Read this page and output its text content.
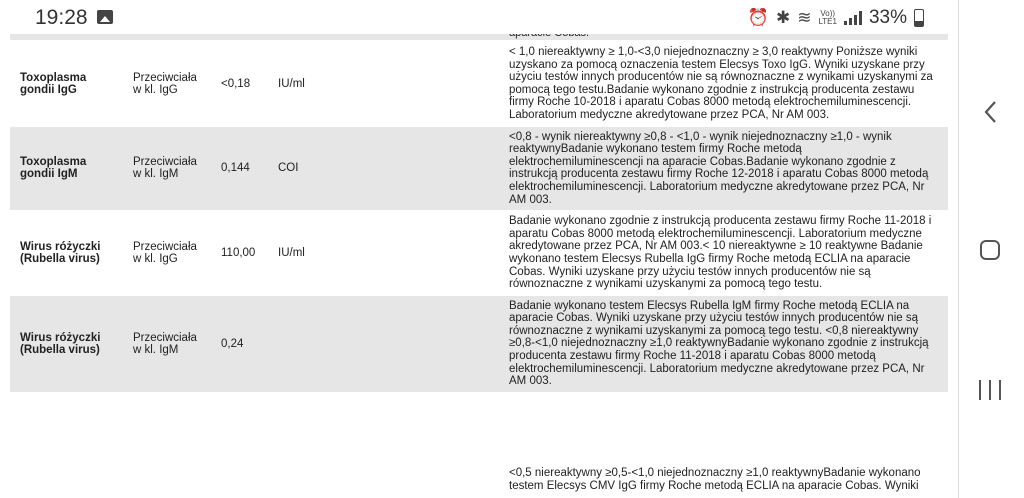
19:28	⏰ ✱ ≋ Vo))
LTE1 33%
Toxoplasma gondii IgG	Przeciwciała w kl. IgG	<0,18	IU/ml	< 1,0 niereaktywny ≥ 1,0-<3,0 niejednoznaczny ≥ 3,0 reaktywny Poniższe wyniki uzyskano za pomocą oznaczenia testem Elecsys Toxo IgG. Wyniki uzyskane przy użyciu testów innych producentów nie są równoznaczne z wynikami uzyskanymi za pomocą tego testu.Badanie wykonano zgodnie z instrukcją producenta zestawu firmy Roche 10-2018 i aparatu Cobas 8000 metodą elektrochemiluminescencji. Laboratorium medyczne akredytowane przez PCA, Nr AM 003.
Toxoplasma gondii IgM	Przeciwciała w kl. IgM	0,144	COI	<0,8 - wynik niereaktywny ≥0,8 - <1,0 - wynik niejednoznaczny ≥1,0 - wynik reaktywnyBadanie wykonano testem firmy Roche metodą elektrochemiluminescencji na aparacie Cobas.Badanie wykonano zgodnie z instrukcją producenta zestawu firmy Roche 12-2018 i aparatu Cobas 8000 metodą elektrochemiluminescencji. Laboratorium medyczne akredytowane przez PCA, Nr AM 003.
Wirus różyczki (Rubella virus)	Przeciwciała w kl. IgG	110,00	IU/ml	Badanie wykonano zgodnie z instrukcją producenta zestawu firmy Roche 11-2018 i aparatu Cobas 8000 metodą elektrochemiluminescencji. Laboratorium medyczne akredytowane przez PCA, Nr AM 003.< 10 niereaktywne ≥ 10 reaktywne Badanie wykonano testem Elecsys Rubella IgG firmy Roche metodą ECLIA na aparacie Cobas. Wyniki uzyskane przy użyciu testów innych producentów nie są równoznaczne z wynikami uzyskanymi za pomocą tego testu.
Wirus różyczki (Rubella virus)	Przeciwciała w kl. IgM	0,24		Badanie wykonano testem Elecsys Rubella IgM firmy Roche metodą ECLIA na aparacie Cobas. Wyniki uzyskane przy użyciu testów innych producentów nie są równoznaczne z wynikami uzyskanymi za pomocą tego testu. <0,8 niereaktywny ≥0,8-<1,0 niejednoznaczny ≥1,0 reaktywnyBadanie wykonano zgodnie z instrukcją producenta zestawu firmy Roche 11-2018 i aparatu Cobas 8000 metodą elektrochemiluminescencji. Laboratorium medyczne akredytowane przez PCA, Nr AM 003.
<0,5 niereaktywny ≥0,5-<1,0 niejednoznaczny ≥1,0 reaktywnyBadanie wykonano testem Elecsys CMV IgG firmy Roche metodą ECLIA na aparacie Cobas. Wyniki
